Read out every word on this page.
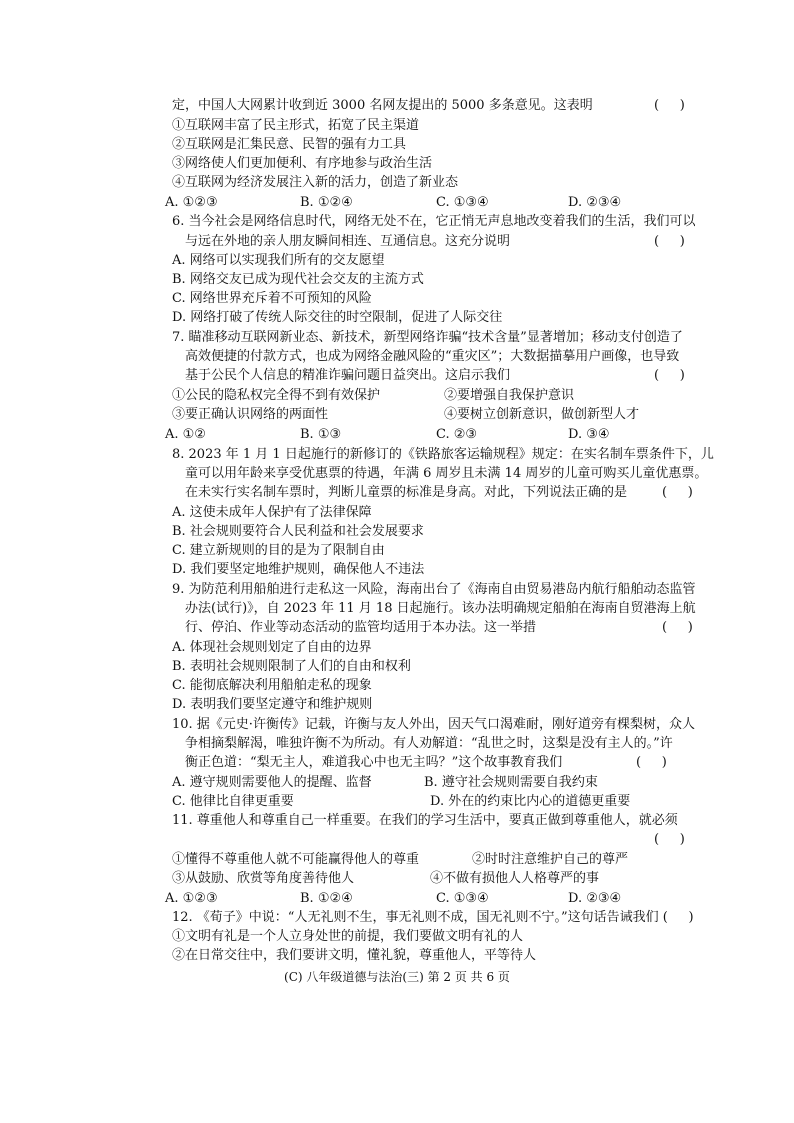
定，中国人大网累计收到近 3000 名网友提出的 5000 多条意见。这表明	(     )
①互联网丰富了民主形式，拓宽了民主渠道
②互联网是汇集民意、民智的强有力工具
③网络使人们更加便利、有序地参与政治生活
④互联网为经济发展注入新的活力，创造了新业态
A. ①②③	B. ①②④	C. ①③④	D. ②③④
6. 当今社会是网络信息时代，网络无处不在，它正悄无声息地改变着我们的生活，我们可以
与远在外地的亲人朋友瞬间相连、互通信息。这充分说明	(     )
A. 网络可以实现我们所有的交友愿望
B. 网络交友已成为现代社会交友的主流方式
C. 网络世界充斥着不可预知的风险
D. 网络打破了传统人际交往的时空限制，促进了人际交往
7. 瞄准移动互联网新业态、新技术，新型网络诈骗“技术含量”显著增加；移动支付创造了
高效便捷的付款方式，也成为网络金融风险的“重灾区”；大数据描摹用户画像，也导致
基于公民个人信息的精准诈骗问题日益突出。这启示我们	(     )
①公民的隐私权完全得不到有效保护	②要增强自我保护意识
③要正确认识网络的两面性	④要树立创新意识，做创新型人才
A. ①②	B. ①③	C. ②③	D. ③④
8. 2023 年 1 月 1 日起施行的新修订的《铁路旅客运输规程》规定：在实名制车票条件下，儿
童可以用年龄来享受优惠票的待遇，年满 6 周岁且未满 14 周岁的儿童可购买儿童优惠票。
在未实行实名制车票时，判断儿童票的标准是身高。对此，下列说法正确的是	(     )
A. 这使未成年人保护有了法律保障
B. 社会规则要符合人民利益和社会发展要求
C. 建立新规则的目的是为了限制自由
D. 我们要坚定地维护规则，确保他人不违法
9. 为防范利用船舶进行走私这一风险，海南出台了《海南自由贸易港岛内航行船舶动态监管
办法(试行)》，自 2023 年 11 月 18 日起施行。该办法明确规定船舶在海南自贸港海上航
行、停泊、作业等动态活动的监管均适用于本办法。这一举措	(     )
A. 体现社会规则划定了自由的边界
B. 表明社会规则限制了人们的自由和权利
C. 能彻底解决利用船舶走私的现象
D. 表明我们要坚定遵守和维护规则
10. 据《元史·许衡传》记载，许衡与友人外出，因天气口渴难耐，刚好道旁有棵梨树，众人
争相摘梨解渴，唯独许衡不为所动。有人劝解道：“乱世之时，这梨是没有主人的。”许
衡正色道：“梨无主人，难道我心中也无主吗？”这个故事教育我们	(     )
A. 遵守规则需要他人的提醒、监督	B. 遵守社会规则需要自我约束
C. 他律比自律更重要	D. 外在的约束比内心的道德更重要
11. 尊重他人和尊重自己一样重要。在我们的学习生活中，要真正做到尊重他人，就必须
(     )
①懂得不尊重他人就不可能赢得他人的尊重	②时时注意维护自己的尊严
③从鼓励、欣赏等角度善待他人	④不做有损他人人格尊严的事
A. ①②③	B. ①②④	C. ①③④	D. ②③④
12. 《荀子》中说：“人无礼则不生，事无礼则不成，国无礼则不宁。”这句话告诫我们 (     )
①文明有礼是一个人立身处世的前提，我们要做文明有礼的人
②在日常交往中，我们要讲文明，懂礼貌，尊重他人，平等待人
(C) 八年级道德与法治(三) 第 2 页 共 6 页
